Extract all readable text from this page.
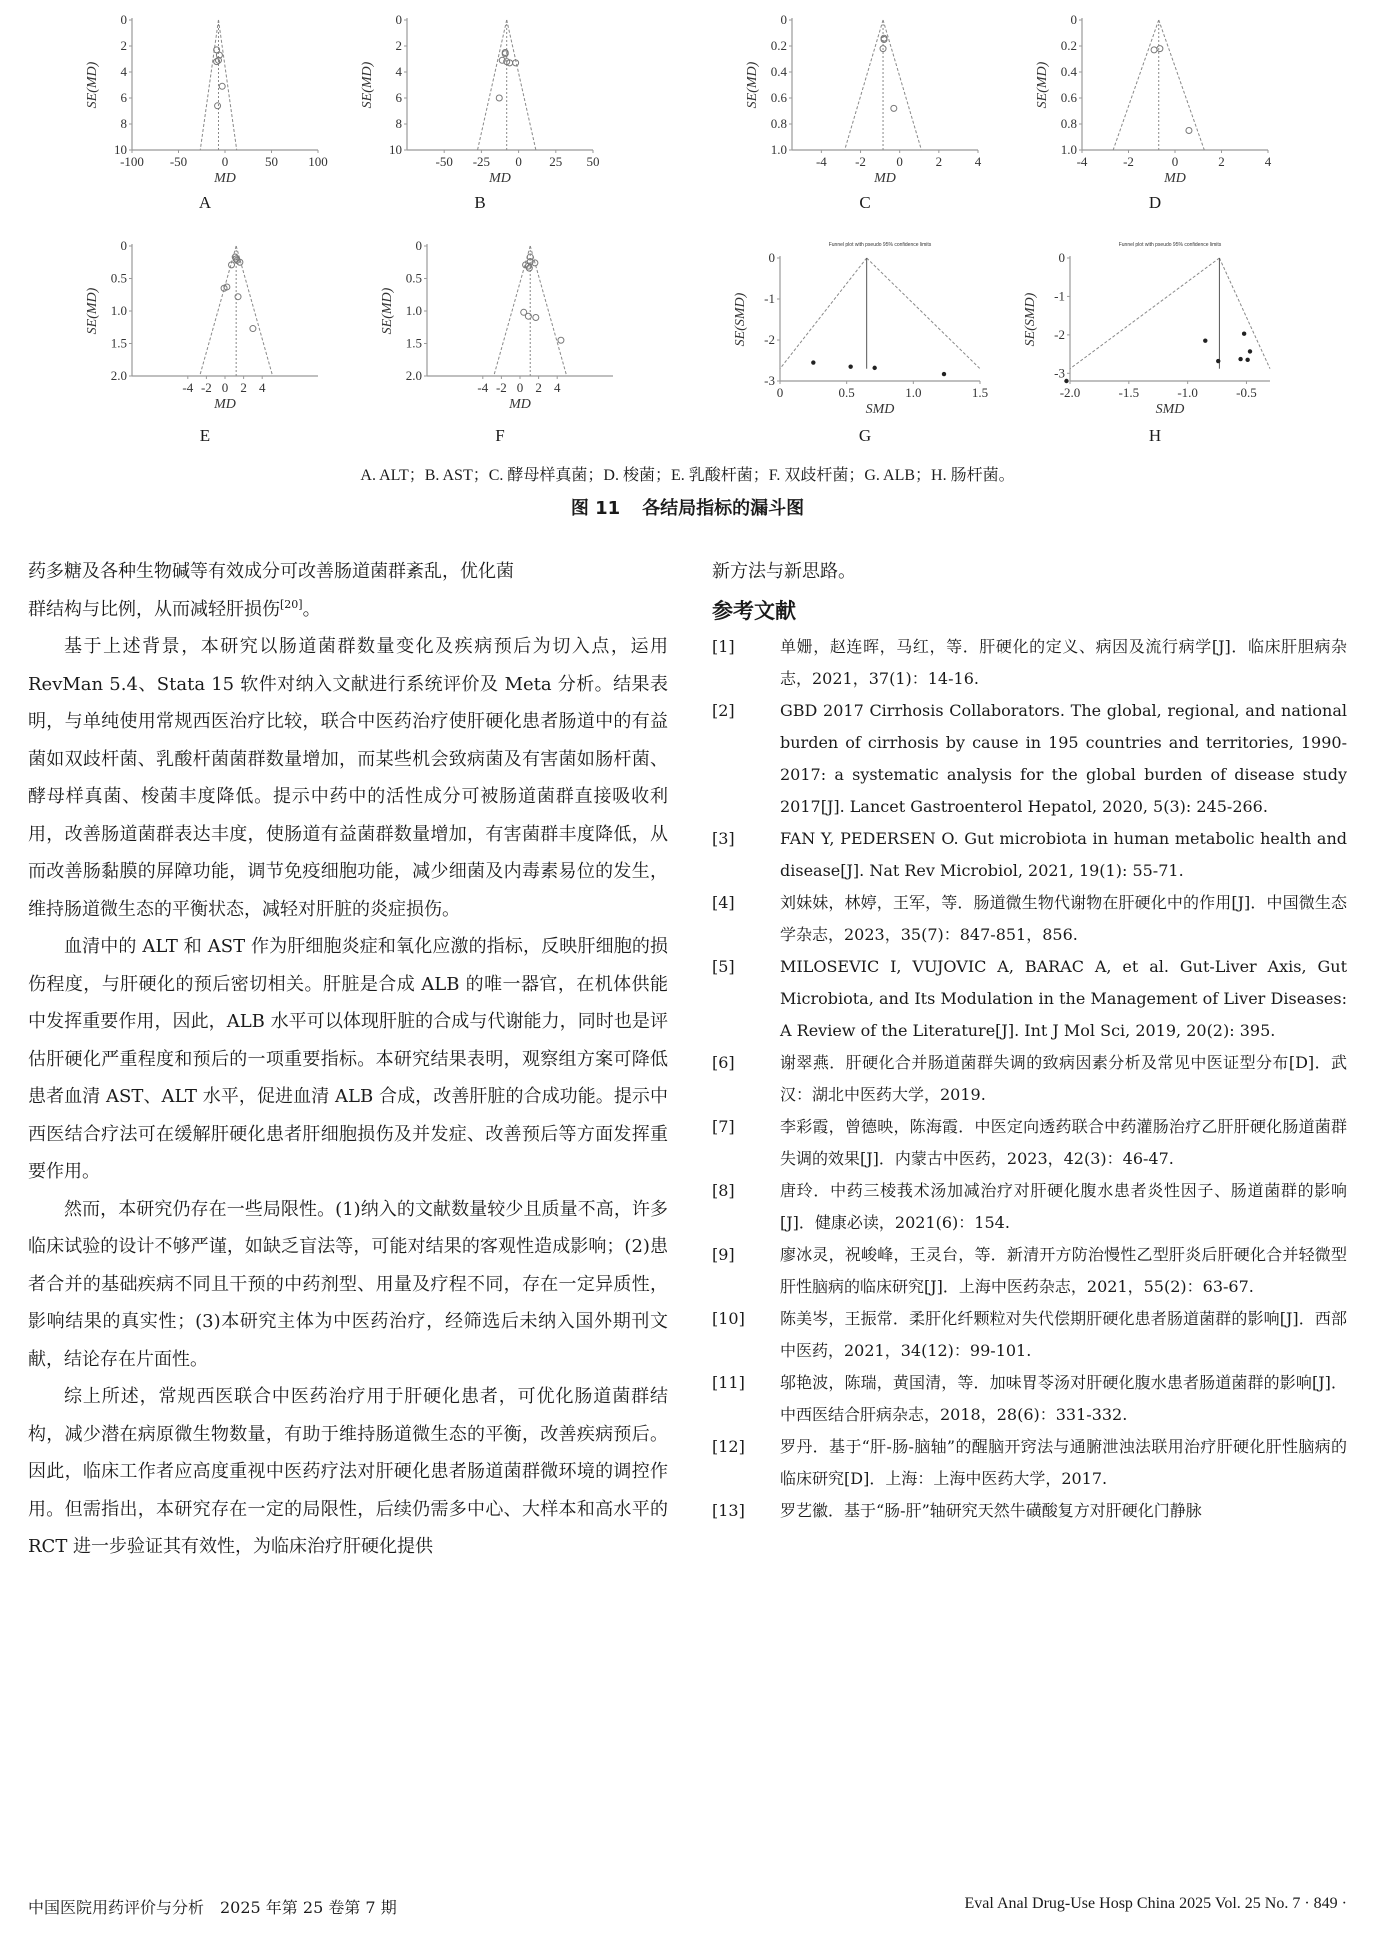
0
2
4
6
8
10
-100 -50	0	50 100
MD
SE(MD)
A
0
2
4
6
8
10
-50 -25 0 25 50
MD
SE(MD)
B
0
0.2
0.4
0.6
0.8
1.0
-4 -2 0	2	4
MD
SE(MD)
C
0
0.2
0.4
0.6
0.8
1.0
-4	-2	0	2	4
MD
SE(MD)
D
0
0.5
1.0
1.5
2.0
-4 -2 0 2 4
MD
SE(MD)
E
0
0.5
1.0
1.5
2.0
-4 -2 0 2 4
MD
SE(MD)
F
Funnel plot with pseudo 95% confidence limits
0
-1
-2
-3
0	0.5	1.0	1.5
SMD
SE(SMD)
G
Funnel plot with pseudo 95% confidence limits
0
-1
-2
-3
-2.0	-1.5	-1.0	-0.5
SMD
SE(SMD)
H
A. ALT；B. AST；C. 酵母样真菌；D. 梭菌；E. 乳酸杆菌；F. 双歧杆菌；G. ALB；H. 肠杆菌。
图 11 各结局指标的漏斗图

药多糖及各种生物碱等有效成分可改善肠道菌群紊乱，优化菌

群结构与比例，从而减轻肝损伤[20]。

基于上述背景，本研究以肠道菌群数量变化及疾病预后为切入点，运用 RevMan 5.4、Stata 15 软件对纳入文献进行系统评价及 Meta 分析。结果表明，与单纯使用常规西医治疗比较，联合中医药治疗使肝硬化患者肠道中的有益菌如双歧杆菌、乳酸杆菌菌群数量增加，而某些机会致病菌及有害菌如肠杆菌、酵母样真菌、梭菌丰度降低。提示中药中的活性成分可被肠道菌群直接吸收利用，改善肠道菌群表达丰度，使肠道有益菌群数量增加，有害菌群丰度降低，从而改善肠黏膜的屏障功能，调节免疫细胞功能，减少细菌及内毒素易位的发生，维持肠道微生态的平衡状态，减轻对肝脏的炎症损伤。

血清中的 ALT 和 AST 作为肝细胞炎症和氧化应激的指标，反映肝细胞的损伤程度，与肝硬化的预后密切相关。肝脏是合成 ALB 的唯一器官，在机体供能中发挥重要作用，因此，ALB 水平可以体现肝脏的合成与代谢能力，同时也是评估肝硬化严重程度和预后的一项重要指标。本研究结果表明，观察组方案可降低患者血清 AST、ALT 水平，促进血清 ALB 合成，改善肝脏的合成功能。提示中西医结合疗法可在缓解肝硬化患者肝细胞损伤及并发症、改善预后等方面发挥重要作用。

然而，本研究仍存在一些局限性。(1)纳入的文献数量较少且质量不高，许多临床试验的设计不够严谨，如缺乏盲法等，可能对结果的客观性造成影响；(2)患者合并的基础疾病不同且干预的中药剂型、用量及疗程不同，存在一定异质性，影响结果的真实性；(3)本研究主体为中医药治疗，经筛选后未纳入国外期刊文献，结论存在片面性。

综上所述，常规西医联合中医药治疗用于肝硬化患者，可优化肠道菌群结构，减少潜在病原微生物数量，有助于维持肠道微生态的平衡，改善疾病预后。因此，临床工作者应高度重视中医药疗法对肝硬化患者肠道菌群微环境的调控作用。但需指出，本研究存在一定的局限性，后续仍需多中心、大样本和高水平的 RCT 进一步验证其有效性，为临床治疗肝硬化提供

新方法与新思路。

参考文献

[1]	单姗，赵连晖，马红，等．肝硬化的定义、病因及流行病学[J]．临床肝胆病杂志，2021，37(1)：14-16.
[2]	GBD 2017 Cirrhosis Collaborators. The global, regional, and national burden of cirrhosis by cause in 195 countries and territories, 1990-2017: a systematic analysis for the global burden of disease study 2017[J]. Lancet Gastroenterol Hepatol, 2020, 5(3): 245-266.
[3]	FAN Y, PEDERSEN O. Gut microbiota in human metabolic health and disease[J]. Nat Rev Microbiol, 2021, 19(1): 55-71.
[4]	刘妹妹，林婷，王军，等．肠道微生物代谢物在肝硬化中的作用[J]．中国微生态学杂志，2023，35(7)：847-851，856.
[5]	MILOSEVIC I, VUJOVIC A, BARAC A, et al. Gut-Liver Axis, Gut Microbiota, and Its Modulation in the Management of Liver Diseases: A Review of the Literature[J]. Int J Mol Sci, 2019, 20(2): 395.
[6]	谢翠燕．肝硬化合并肠道菌群失调的致病因素分析及常见中医证型分布[D]．武汉：湖北中医药大学，2019.
[7]	李彩霞，曾德映，陈海霞．中医定向透药联合中药灌肠治疗乙肝肝硬化肠道菌群失调的效果[J]．内蒙古中医药，2023，42(3)：46-47.
[8]	唐玲．中药三棱莪术汤加减治疗对肝硬化腹水患者炎性因子、肠道菌群的影响[J]．健康必读，2021(6)：154.
[9]	廖冰灵，祝峻峰，王灵台，等．新清开方防治慢性乙型肝炎后肝硬化合并轻微型肝性脑病的临床研究[J]．上海中医药杂志，2021，55(2)：63-67.
[10]	陈美岑，王振常．柔肝化纤颗粒对失代偿期肝硬化患者肠道菌群的影响[J]．西部中医药，2021，34(12)：99-101.
[11]	邬艳波，陈瑞，黄国清，等．加味胃苓汤对肝硬化腹水患者肠道菌群的影响[J]．中西医结合肝病杂志，2018，28(6)：331-332.
[12]	罗丹．基于“肝-肠-脑轴”的醒脑开窍法与通腑泄浊法联用治疗肝硬化肝性脑病的临床研究[D]．上海：上海中医药大学，2017.
[13]	罗艺徽．基于“肠-肝”轴研究天然牛磺酸复方对肝硬化门静脉
中国医院用药评价与分析　2025 年第 25 卷第 7 期	Eval Anal Drug-Use Hosp China 2025 Vol. 25 No. 7 · 849 ·
